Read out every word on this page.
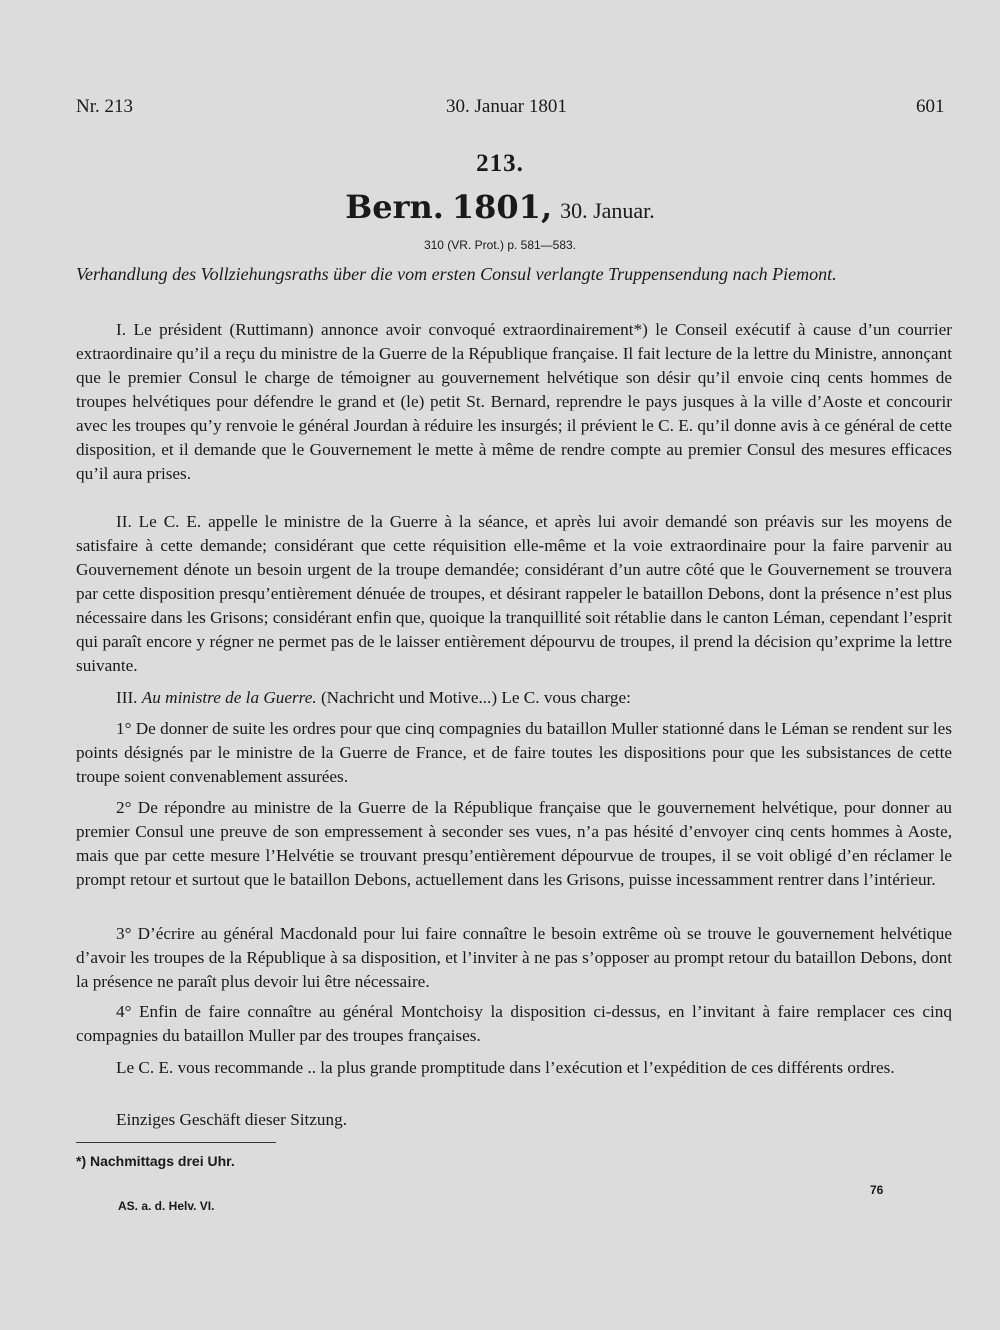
Nr. 213	30. Januar 1801	601
213.
Bern. 1801, 30. Januar.
310 (VR. Prot.) p. 581—583.

Verhandlung des Vollziehungsraths über die vom ersten Consul verlangte Truppensendung nach Piemont.

I. Le président (Ruttimann) annonce avoir convoqué extraordinairement*) le Conseil exécutif à cause d’un courrier extraordinaire qu’il a reçu du ministre de la Guerre de la République française. Il fait lecture de la lettre du Ministre, annonçant que le premier Consul le charge de témoigner au gouvernement helvétique son désir qu’il envoie cinq cents hommes de troupes helvétiques pour défendre le grand et (le) petit St. Bernard, reprendre le pays jusques à la ville d’Aoste et concourir avec les troupes qu’y renvoie le général Jourdan à réduire les insurgés; il prévient le C. E. qu’il donne avis à ce général de cette disposition, et il demande que le Gouvernement le mette à même de rendre compte au premier Consul des mesures efficaces qu’il aura prises.

II. Le C. E. appelle le ministre de la Guerre à la séance, et après lui avoir demandé son préavis sur les moyens de satisfaire à cette demande; considérant que cette réquisition elle-même et la voie extraordinaire pour la faire parvenir au Gouvernement dénote un besoin urgent de la troupe demandée; considérant d’un autre côté que le Gouvernement se trouvera par cette disposition presqu’entièrement dénuée de troupes, et désirant rappeler le bataillon Debons, dont la présence n’est plus nécessaire dans les Grisons; considérant enfin que, quoique la tranquillité soit rétablie dans le canton Léman, cependant l’esprit qui paraît encore y régner ne permet pas de le laisser entièrement dépourvu de troupes, il prend la décision qu’exprime la lettre suivante.

III. Au ministre de la Guerre. (Nachricht und Motive...) Le C. vous charge:

1° De donner de suite les ordres pour que cinq compagnies du bataillon Muller stationné dans le Léman se rendent sur les points désignés par le ministre de la Guerre de France, et de faire toutes les dispositions pour que les subsistances de cette troupe soient convenablement assurées.

2° De répondre au ministre de la Guerre de la République française que le gouvernement helvétique, pour donner au premier Consul une preuve de son empressement à seconder ses vues, n’a pas hésité d’envoyer cinq cents hommes à Aoste, mais que par cette mesure l’Helvétie se trouvant presqu’entièrement dépourvue de troupes, il se voit obligé d’en réclamer le prompt retour et surtout que le bataillon Debons, actuellement dans les Grisons, puisse incessamment rentrer dans l’intérieur.

3° D’écrire au général Macdonald pour lui faire connaître le besoin extrême où se trouve le gouvernement helvétique d’avoir les troupes de la République à sa disposition, et l’inviter à ne pas s’opposer au prompt retour du bataillon Debons, dont la présence ne paraît plus devoir lui être nécessaire.

4° Enfin de faire connaître au général Montchoisy la disposition ci-dessus, en l’invitant à faire remplacer ces cinq compagnies du bataillon Muller par des troupes françaises.

Le C. E. vous recommande .. la plus grande promptitude dans l’exécution et l’expédition de ces différents ordres.

Einziges Geschäft dieser Sitzung.

*) Nachmittags drei Uhr.
AS. a. d. Helv. VI.
76
